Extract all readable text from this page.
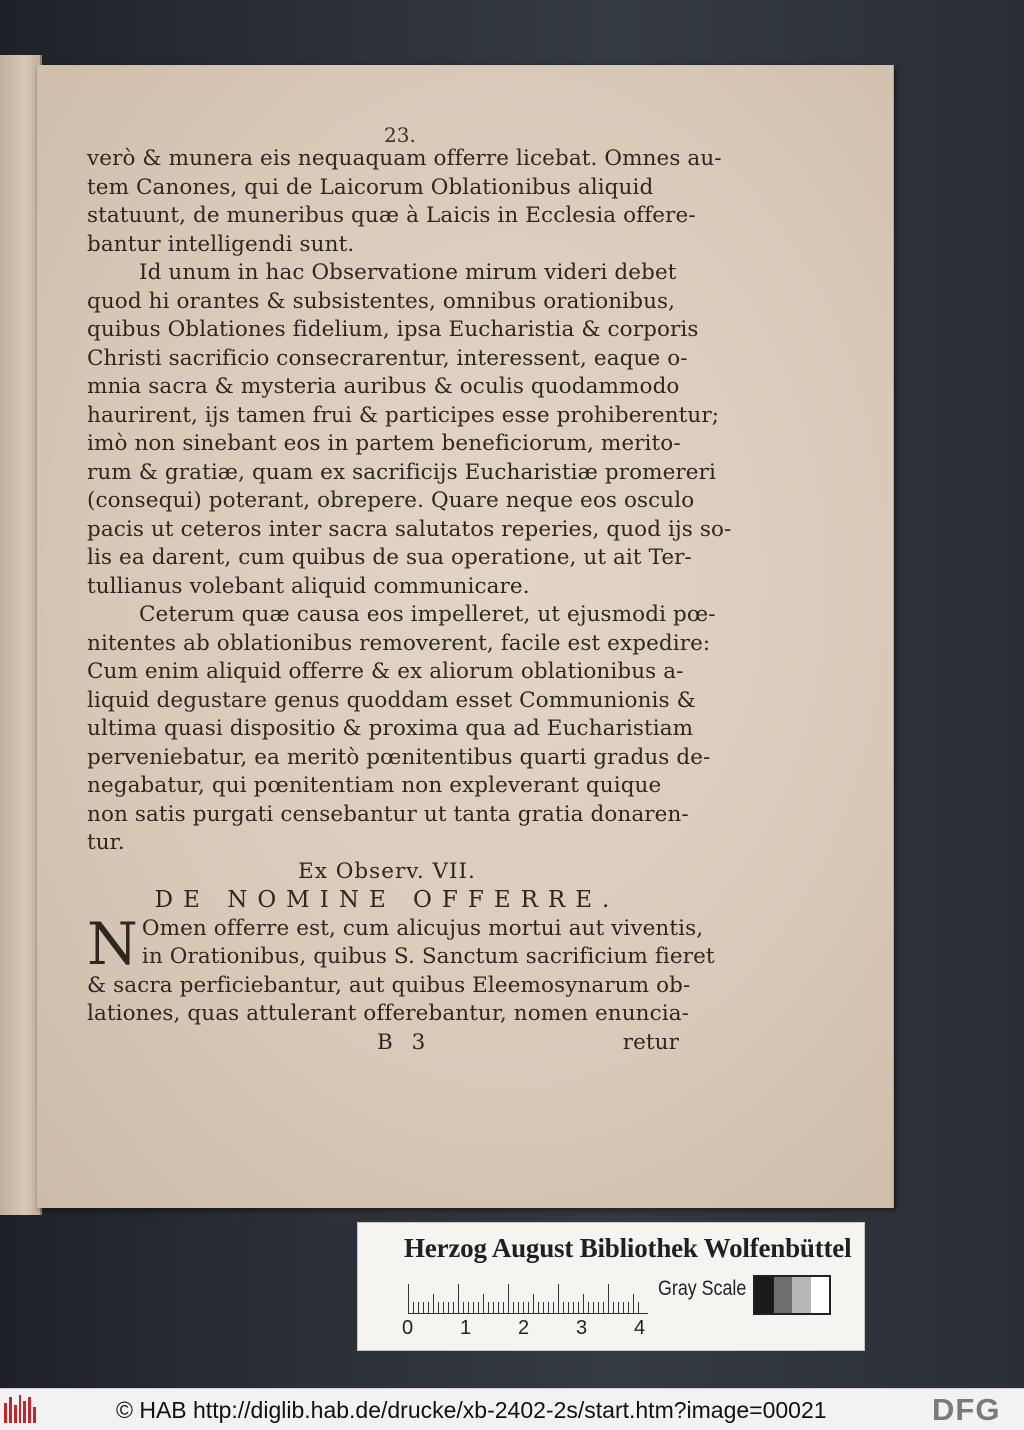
23.
verò & munera eis nequaquam offerre licebat. Omnes au-
tem Canones, qui de Laicorum Oblationibus aliquid
statuunt, de muneribus quæ à Laicis in Ecclesia offere-
bantur intelligendi sunt.
Id unum in hac Observatione mirum videri debet
quod hi orantes & subsistentes, omnibus orationibus,
quibus Oblationes fidelium, ipsa Eucharistia & corporis
Christi sacrificio consecrarentur, interessent, eaque o-
mnia sacra & mysteria auribus & oculis quodammodo
haurirent, ijs tamen frui & participes esse prohiberentur;
imò non sinebant eos in partem beneficiorum, merito-
rum & gratiæ, quam ex sacrificijs Eucharistiæ promereri
(consequi) poterant, obrepere. Quare neque eos osculo
pacis ut ceteros inter sacra salutatos reperies, quod ijs so-
lis ea darent, cum quibus de sua operatione, ut ait Ter-
tullianus volebant aliquid communicare.
Ceterum quæ causa eos impelleret, ut ejusmodi pœ-
nitentes ab oblationibus removerent, facile est expedire:
Cum enim aliquid offerre & ex aliorum oblationibus a-
liquid degustare genus quoddam esset Communionis &
ultima quasi dispositio & proxima qua ad Eucharistiam
perveniebatur, ea meritò pœnitentibus quarti gradus de-
negabatur, qui pœnitentiam non expleverant quique
non satis purgati censebantur ut tanta gratia donaren-
tur.
Ex Observ. VII.
DE NOMINE OFFERRE.
N Omen offerre est, cum alicujus mortui aut viventis,
in Orationibus, quibus S. Sanctum sacrificium fieret
& sacra perficiebantur, aut quibus Eleemosynarum ob-
lationes, quas attulerant offerebantur, nomen enuncia-
B 3	retur
Herzog August Bibliothek Wolfenbüttel
0 1 2 3 4
Gray Scale
© HAB http://diglib.hab.de/drucke/xb-2402-2s/start.htm?image=00021	DFG
